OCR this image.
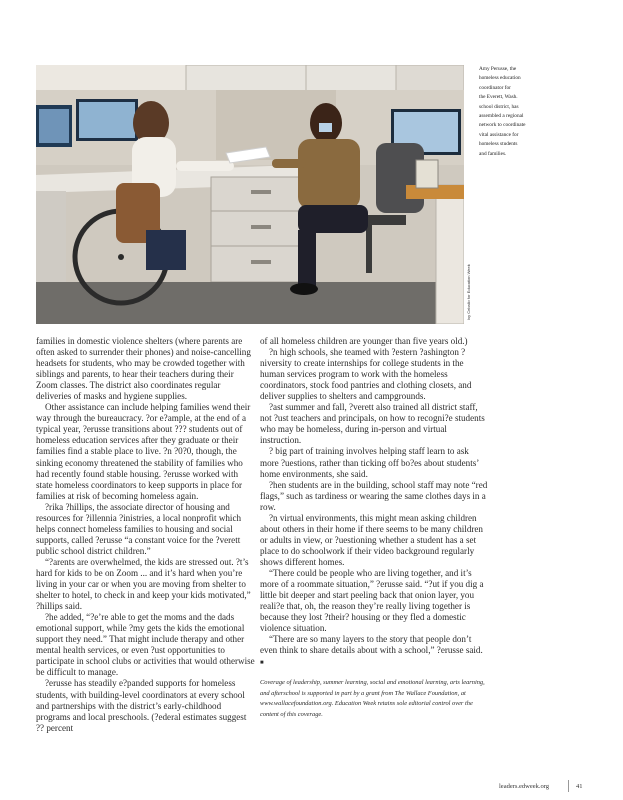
Ivy Ceballo for Education Week
Amy Perusse, the
homeless education
coordinator for
the Everett, Wash.
school district, has
assembled a regional
network to coordinate
vital assistance for
homeless students
and families.

families in domestic violence shelters (where parents are often asked to surrender their phones) and noise-cancelling headsets for students, who may be crowded together with siblings and parents, to hear their teachers during their Zoom classes. The district also coordinates regular deliveries of masks and hygiene supplies.

Other assistance can include helping families wend their way through the bureaucracy. ?or e?ample, at the end of a typical year, ?erusse transitions about ??? students out of homeless education services after they graduate or their families find a stable place to live. ?n ?0?0, though, the sinking economy threatened the stability of families who had recently found stable housing. ?erusse worked with state homeless coordinators to keep supports in place for families at risk of becoming homeless again.

?rika ?hillips, the associate director of housing and resources for ?illennia ?inistries, a local nonprofit which helps connect homeless families to housing and social supports, called ?erusse “a constant voice for the ?verett public school district children.”

“?arents are overwhelmed, the kids are stressed out. ?t’s hard for kids to be on Zoom ... and it’s hard when you’re living in your car or when you are moving from shelter to shelter to hotel, to check in and keep your kids motivated,” ?hillips said.

?he added, “?e’re able to get the moms and the dads emotional support, while ?my gets the kids the emotional support they need.” That might include therapy and other mental health services, or even ?ust opportunities to participate in school clubs or activities that would otherwise be difficult to manage.

?erusse has steadily e?panded supports for homeless students, with building-level coordinators at every school and partnerships with the district’s early-childhood programs and local preschools. (?ederal estimates suggest ?? percent

of all homeless children are younger than five years old.)

?n high schools, she teamed with ?estern ?ashington ?niversity to create internships for college students in the human services program to work with the homeless coordinators, stock food pantries and clothing closets, and deliver supplies to shelters and campgrounds.

?ast summer and fall, ?verett also trained all district staff, not ?ust teachers and principals, on how to recogni?e students who may be homeless, during in-person and virtual instruction.

? big part of training involves helping staff learn to ask more ?uestions, rather than ticking off bo?es about students’ home environments, she said.

?hen students are in the building, school staff may note “red flags,” such as tardiness or wearing the same clothes days in a row.

?n virtual environments, this might mean asking children about others in their home if there seems to be many children or adults in view, or ?uestioning whether a student has a set place to do schoolwork if their video background regularly shows different homes.

“There could be people who are living together, and it’s more of a roommate situation,” ?erusse said. “?ut if you dig a little bit deeper and start peeling back that onion layer, you reali?e that, oh, the reason they’re really living together is because they lost ?their? housing or they fled a domestic violence situation.

“There are so many layers to the story that people don’t even think to share details about with a school,” ?erusse said. ■

Coverage of leadership, summer learning, social and emotional learning, arts learning, and afterschool is supported in part by a grant from The Wallace Foundation, at www.wallacefoundation.org. Education Week retains sole editorial control over the content of this coverage.

leaders.edweek.org	41
